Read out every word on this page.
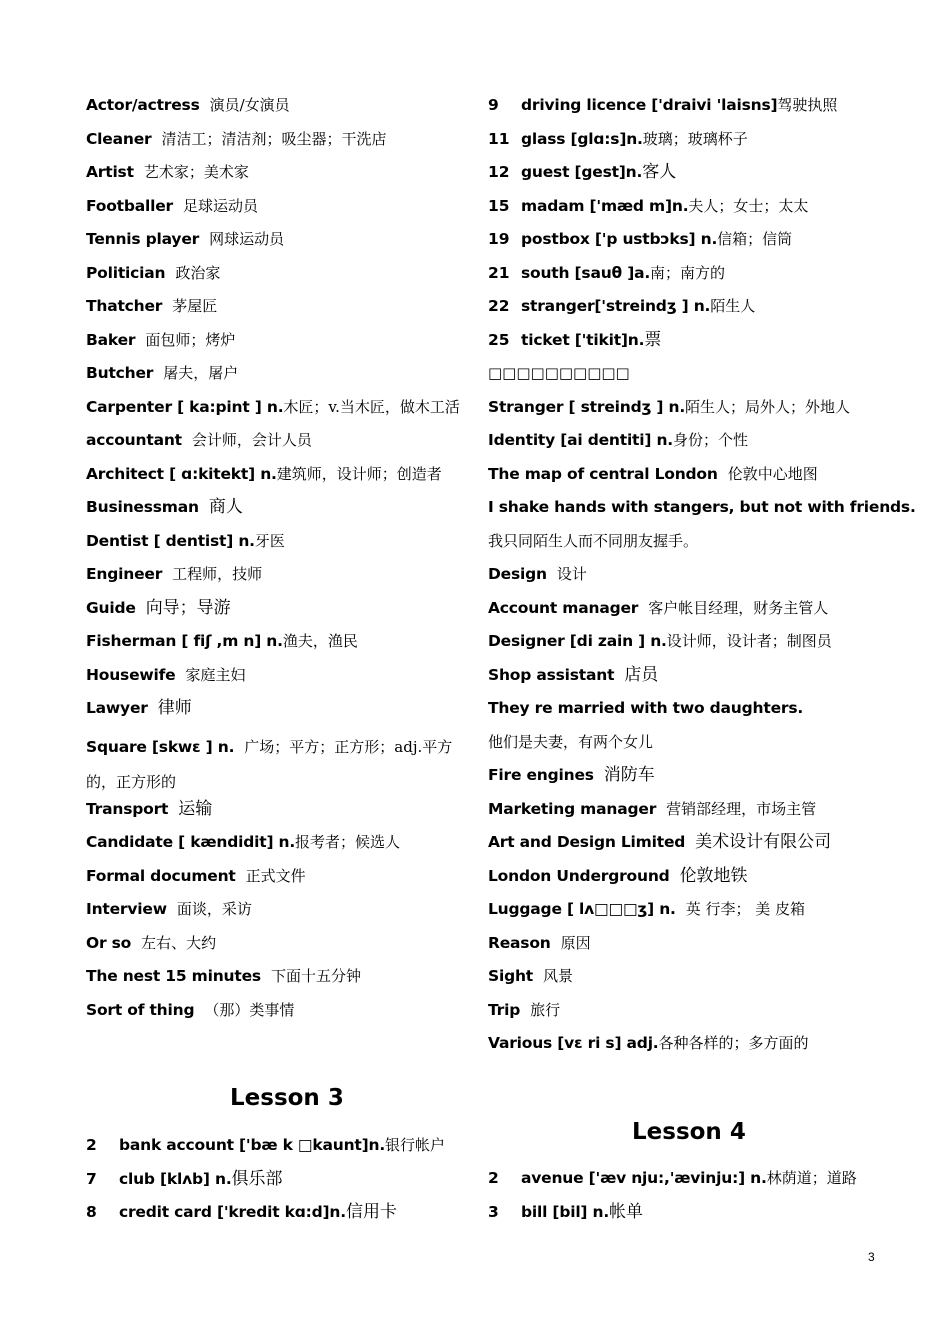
Actor/actress 演员/女演员
Cleaner 清洁工；清洁剂；吸尘器；干洗店
Artist 艺术家；美术家
Footballer 足球运动员
Tennis player 网球运动员
Politician 政治家
Thatcher 茅屋匠
Baker 面包师；烤炉
Butcher 屠夫，屠户
Carpenter [ ka:pint ] n.木匠；v.当木匠，做木工活
accountant 会计师，会计人员
Architect [ ɑ:kitekt] n.建筑师，设计师；创造者
Businessman 商人
Dentist [ dentist] n.牙医
Engineer 工程师，技师
Guide 向导；导游
Fisherman [ fiʃ ,m n] n.渔夫，渔民
Housewife 家庭主妇
Lawyer 律师
Square [skwɛ ] n. 广场；平方；正方形；adj.平方的，正方形的
Transport 运输
Candidate [ kændidit] n.报考者；候选人
Formal document 正式文件
Interview 面谈，采访
Or so 左右、大约
The nest 15 minutes 下面十五分钟
Sort of thing （那）类事情
9 driving licence ['draivi 'laisns]驾驶执照
11 glass [glɑ:s]n.玻璃；玻璃杯子
12 guest [gest]n.客人
15 madam ['mæd m]n.夫人；女士；太太
19 postbox ['p ustbɔks] n.信箱；信筒
21 south [sauθ ]a.南；南方的
22 stranger['streindʒ ] n.陌生人
25 ticket ['tikit]n.票
□□□□□□□□□□
Stranger [ streindʒ ] n.陌生人；局外人；外地人
Identity [ai dentiti] n.身份；个性
The map of central London 伦敦中心地图
I shake hands with stangers, but not with friends.
我只同陌生人而不同朋友握手。
Design 设计
Account manager 客户帐目经理，财务主管人
Designer [di zain ] n.设计师，设计者；制图员
Shop assistant 店员
They re married with two daughters.
他们是夫妻，有两个女儿
Fire engines 消防车
Marketing manager 营销部经理，市场主管
Art and Design Limited 美术设计有限公司
London Underground 伦敦地铁
Luggage [ lʌ□□□ʒ] n. 英 行李； 美 皮箱
Reason 原因
Sight 风景
Trip 旅行
Various [vɛ ri s] adj.各种各样的；多方面的
Lesson 3
2 bank account ['bæ k □kaunt]n.银行帐户
7 club [klʌb] n.俱乐部
8 credit card ['kredit kɑ:d]n.信用卡
Lesson 4
2 avenue ['æv nju:,'ævinju:] n.林荫道；道路
3 bill [bil] n.帐单
3
